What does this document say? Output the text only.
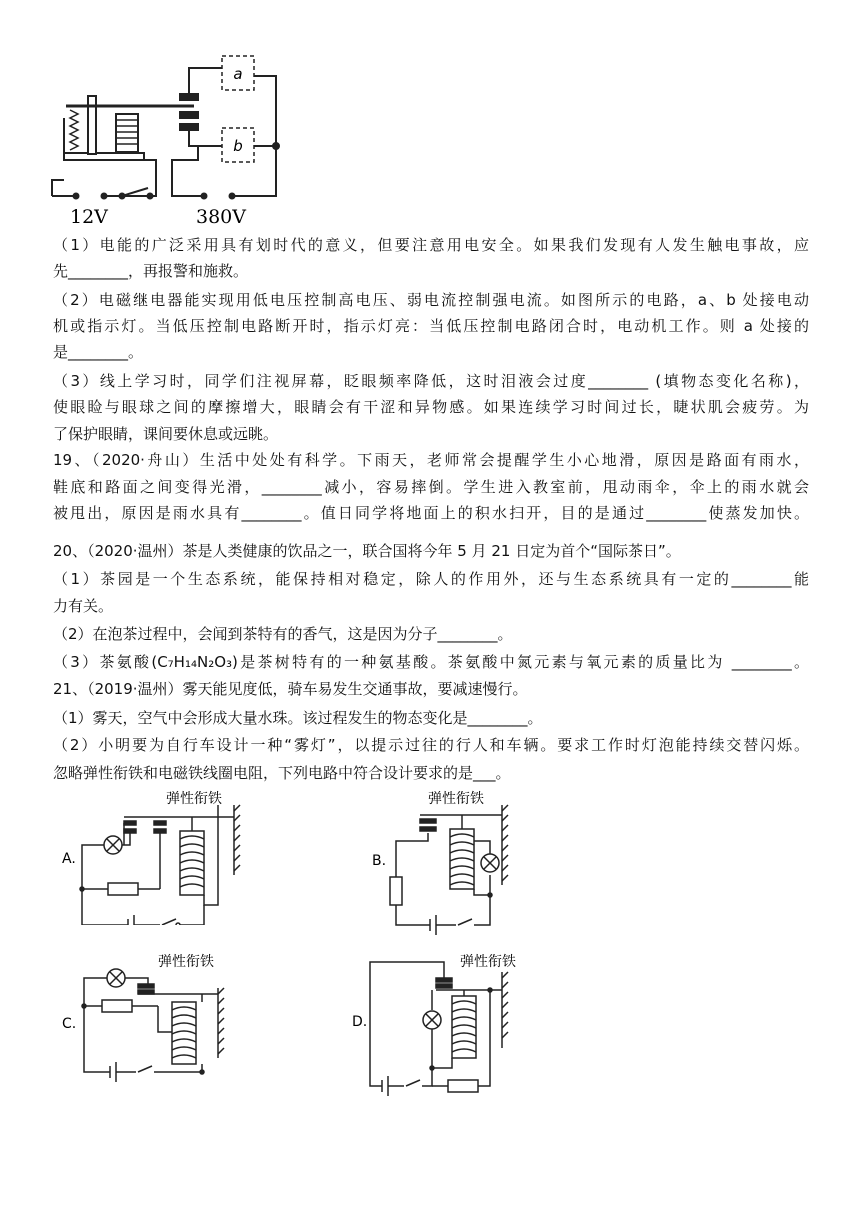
a
b
12V	380V
（1）电能的广泛采用具有划时代的意义，但要注意用电安全。如果我们发现有人发生触电事故，应
先________，再报警和施救。
（2）电磁继电器能实现用低电压控制高电压、弱电流控制强电流。如图所示的电路，a、b 处接电动
机或指示灯。当低压控制电路断开时，指示灯亮：当低压控制电路闭合时，电动机工作。则 a 处接的
是________。
（3）线上学习时，同学们注视屏幕，眨眼频率降低，这时泪液会过度________ (填物态变化名称)，
使眼睑与眼球之间的摩擦增大，眼睛会有干涩和异物感。如果连续学习时间过长，睫状肌会疲劳。为
了保护眼睛，课间要休息或远眺。
19、（2020·舟山）生活中处处有科学。下雨天，老师常会提醒学生小心地滑，原因是路面有雨水，
鞋底和路面之间变得光滑，________减小，容易摔倒。学生进入教室前，甩动雨伞，伞上的雨水就会
被甩出，原因是雨水具有________。值日同学将地面上的积水扫开，目的是通过________使蒸发加快。
20、（2020·温州）茶是人类健康的饮品之一，联合国将今年 5 月 21 日定为首个“国际茶日”。
（1）茶园是一个生态系统，能保持相对稳定，除人的作用外，还与生态系统具有一定的________能
力有关。
（2）在泡茶过程中，会闻到茶特有的香气，这是因为分子________。
（3）茶氨酸(C₇H₁₄N₂O₃)是茶树特有的一种氨基酸。茶氨酸中氮元素与氧元素的质量比为 ________。
21、（2019·温州）雾天能见度低，骑车易发生交通事故，要减速慢行。
（1）雾天，空气中会形成大量水珠。该过程发生的物态变化是________。
（2）小明要为自行车设计一种“雾灯”，以提示过往的行人和车辆。要求工作时灯泡能持续交替闪烁。
忽略弹性衔铁和电磁铁线圈电阻，下列电路中符合设计要求的是___。
弹性衔铁
A.
弹性衔铁
B.
弹性衔铁
C.
弹性衔铁
D.
